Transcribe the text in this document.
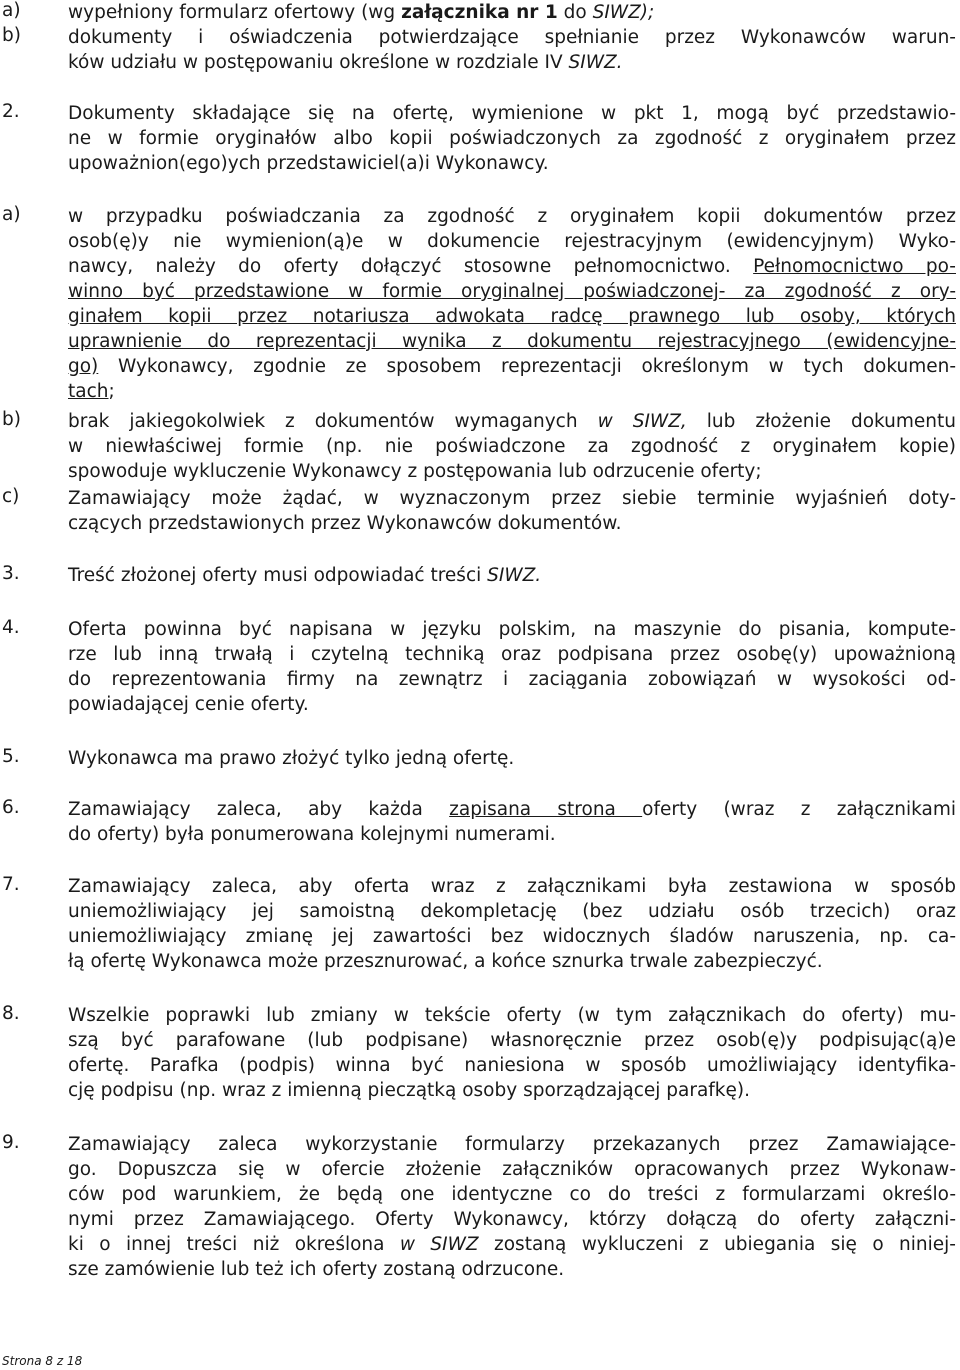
a)	wypełniony formularz ofertowy (wg załącznika nr 1 do SIWZ);
b)	dokumenty i oświadczenia potwierdzające spełnianie przez Wykonawców warun-
ków udziału w postępowaniu określone w rozdziale IV SIWZ.
2.	Dokumenty składające się na ofertę, wymienione w pkt 1, mogą być przedstawio-
ne w formie oryginałów albo kopii poświadczonych za zgodność z oryginałem przez
upoważnion(ego)ych przedstawiciel(a)i Wykonawcy.
a)	w przypadku poświadczania za zgodność z oryginałem kopii dokumentów przez
osob(ę)y nie wymienion(ą)e w dokumencie rejestracyjnym (ewidencyjnym) Wyko-
nawcy, należy do oferty dołączyć stosowne pełnomocnictwo. Pełnomocnictwo po-
winno być przedstawione w formie oryginalnej poświadczonej- za zgodność z ory-
ginałem kopii przez notariusza adwokata radcę prawnego lub osoby, których
uprawnienie do reprezentacji wynika z dokumentu rejestracyjnego (ewidencyjne-
go) Wykonawcy, zgodnie ze sposobem reprezentacji określonym w tych dokumen-
tach;
b)	brak jakiegokolwiek z dokumentów wymaganych w SIWZ, lub złożenie dokumentu
w niewłaściwej formie (np. nie poświadczone za zgodność z oryginałem kopie)
spowoduje wykluczenie Wykonawcy z postępowania lub odrzucenie oferty;
c)	Zamawiający może żądać, w wyznaczonym przez siebie terminie wyjaśnień doty-
czących przedstawionych przez Wykonawców dokumentów.
3.	Treść złożonej oferty musi odpowiadać treści SIWZ.
4.	Oferta powinna być napisana w języku polskim, na maszynie do pisania, kompute-
rze lub inną trwałą i czytelną techniką oraz podpisana przez osobę(y) upoważnioną
do reprezentowania firmy na zewnątrz i zaciągania zobowiązań w wysokości od-
powiadającej cenie oferty.
5.	Wykonawca ma prawo złożyć tylko jedną ofertę.
6.	Zamawiający zaleca, aby każda zapisana strona oferty (wraz z załącznikami
do oferty) była ponumerowana kolejnymi numerami.
7.	Zamawiający zaleca, aby oferta wraz z załącznikami była zestawiona w sposób
uniemożliwiający jej samoistną dekompletację (bez udziału osób trzecich) oraz
uniemożliwiający zmianę jej zawartości bez widocznych śladów naruszenia, np. ca-
łą ofertę Wykonawca może przesznurować, a końce sznurka trwale zabezpieczyć.
8.	Wszelkie poprawki lub zmiany w tekście oferty (w tym załącznikach do oferty) mu-
szą być parafowane (lub podpisane) własnoręcznie przez osob(ę)y podpisując(ą)e
ofertę. Parafka (podpis) winna być naniesiona w sposób umożliwiający identyfika-
cję podpisu (np. wraz z imienną pieczątką osoby sporządzającej parafkę).
9.	Zamawiający zaleca wykorzystanie formularzy przekazanych przez Zamawiające-
go. Dopuszcza się w ofercie złożenie załączników opracowanych przez Wykonaw-
ców pod warunkiem, że będą one identyczne co do treści z formularzami określo-
nymi przez Zamawiającego. Oferty Wykonawcy, którzy dołączą do oferty załączni-
ki o innej treści niż określona w SIWZ zostaną wykluczeni z ubiegania się o niniej-
sze zamówienie lub też ich oferty zostaną odrzucone.
Strona 8 z 18
